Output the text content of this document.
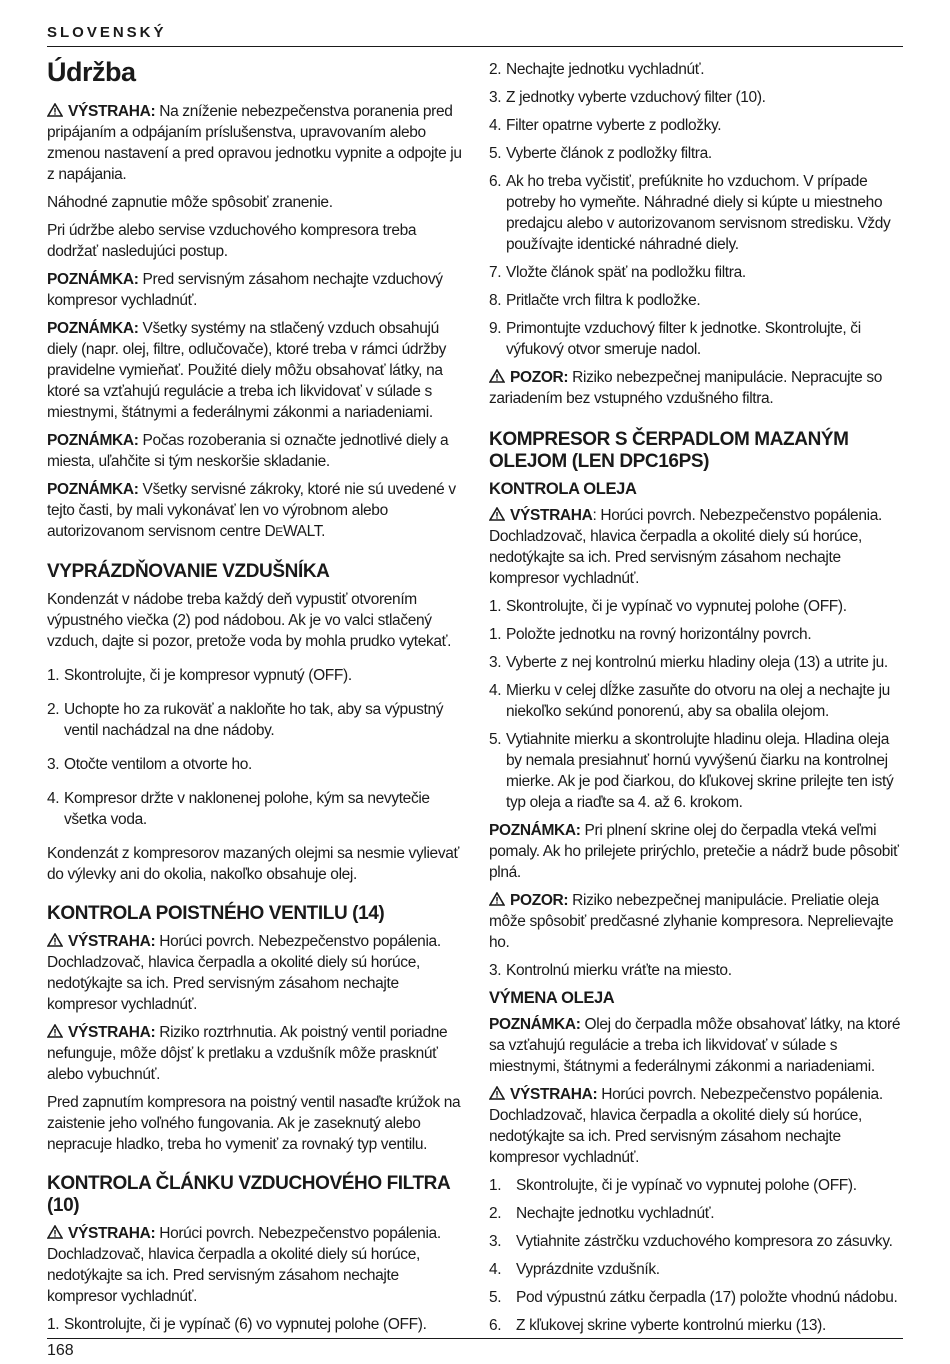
SLOVENSKÝ
Údržba

VÝSTRAHA: Na zníženie nebezpečenstva poranenia pred pripájaním a odpájaním príslušenstva, upravovaním alebo zmenou nastavení a pred opravou jednotku vypnite a odpojte ju z napájania.

Náhodné zapnutie môže spôsobiť zranenie.

Pri údržbe alebo servise vzduchového kompresora treba dodržať nasledujúci postup.

POZNÁMKA: Pred servisným zásahom nechajte vzduchový kompresor vychladnúť.

POZNÁMKA: Všetky systémy na stlačený vzduch obsahujú diely (napr. olej, filtre, odlučovače), ktoré treba v rámci údržby pravidelne vymieňať. Použité diely môžu obsahovať látky, na ktoré sa vzťahujú regulácie a treba ich likvidovať v súlade s miestnymi, štátnymi a federálnymi zákonmi a nariadeniami.

POZNÁMKA: Počas rozoberania si označte jednotlivé diely a miesta, uľahčite si tým neskoršie skladanie.

POZNÁMKA: Všetky servisné zákroky, ktoré nie sú uvedené v tejto časti, by mali vykonávať len vo výrobnom alebo autorizovanom servisnom centre DEWALT.

VYPRÁZDŇOVANIE VZDUŠNÍKA

Kondenzát v nádobe treba každý deň vypustiť otvorením výpustného viečka (2) pod nádobou. Ak je vo valci stlačený vzduch, dajte si pozor, pretože voda by mohla prudko vytekať.

1. Skontrolujte, či je kompresor vypnutý (OFF).
2. Uchopte ho za rukoväť a nakloňte ho tak, aby sa výpustný ventil nachádzal na dne nádoby.
3. Otočte ventilom a otvorte ho.
4. Kompresor držte v naklonenej polohe, kým sa nevytečie všetka voda.

Kondenzát z kompresorov mazaných olejmi sa nesmie vylievať do výlevky ani do okolia, nakoľko obsahuje olej.

KONTROLA POISTNÉHO VENTILU (14)

VÝSTRAHA: Horúci povrch. Nebezpečenstvo popálenia. Dochladzovač, hlavica čerpadla a okolité diely sú horúce, nedotýkajte sa ich. Pred servisným zásahom nechajte kompresor vychladnúť.

VÝSTRAHA: Riziko roztrhnutia. Ak poistný ventil poriadne nefunguje, môže dôjsť k pretlaku a vzdušník môže prasknúť alebo vybuchnúť.

Pred zapnutím kompresora na poistný ventil nasaďte krúžok na zaistenie jeho voľného fungovania. Ak je zaseknutý alebo nepracuje hladko, treba ho vymeniť za rovnaký typ ventilu.

KONTROLA ČLÁNKU VZDUCHOVÉHO FILTRA (10)

VÝSTRAHA: Horúci povrch. Nebezpečenstvo popálenia. Dochladzovač, hlavica čerpadla a okolité diely sú horúce, nedotýkajte sa ich. Pred servisným zásahom nechajte kompresor vychladnúť.

1. Skontrolujte, či je vypínač (6) vo vypnutej polohe (OFF).
2. Nechajte jednotku vychladnúť.
3. Z jednotky vyberte vzduchový filter (10).
4. Filter opatrne vyberte z podložky.
5. Vyberte článok z podložky filtra.
6. Ak ho treba vyčistiť, prefúknite ho vzduchom. V prípade potreby ho vymeňte. Náhradné diely si kúpte u miestneho predajcu alebo v autorizovanom servisnom stredisku. Vždy používajte identické náhradné diely.
7. Vložte článok späť na podložku filtra.
8. Pritlačte vrch filtra k podložke.
9. Primontujte vzduchový filter k jednotke. Skontrolujte, či výfukový otvor smeruje nadol.

POZOR: Riziko nebezpečnej manipulácie. Nepracujte so zariadením bez vstupného vzdušného filtra.

KOMPRESOR S ČERPADLOM MAZANÝM OLEJOM (LEN DPC16PS)
KONTROLA OLEJA

VÝSTRAHA: Horúci povrch. Nebezpečenstvo popálenia. Dochladzovač, hlavica čerpadla a okolité diely sú horúce, nedotýkajte sa ich. Pred servisným zásahom nechajte kompresor vychladnúť.

1. Skontrolujte, či je vypínač vo vypnutej polohe (OFF).
1. Položte jednotku na rovný horizontálny povrch.
3. Vyberte z nej kontrolnú mierku hladiny oleja (13) a utrite ju.
4. Mierku v celej dĺžke zasuňte do otvoru na olej a nechajte ju niekoľko sekúnd ponorenú, aby sa obalila olejom.
5. Vytiahnite mierku a skontrolujte hladinu oleja. Hladina oleja by nemala presiahnuť hornú vyvýšenú čiarku na kontrolnej mierke. Ak je pod čiarkou, do kľukovej skrine prilejte ten istý typ oleja a riaďte sa 4. až 6. krokom.

POZNÁMKA: Pri plnení skrine olej do čerpadla vteká veľmi pomaly. Ak ho prilejete prirýchlo, pretečie a nádrž bude pôsobiť plná.

POZOR: Riziko nebezpečnej manipulácie. Preliatie oleja môže spôsobiť predčasné zlyhanie kompresora. Neprelievajte ho.

3. Kontrolnú mierku vráťte na miesto.
VÝMENA OLEJA

POZNÁMKA: Olej do čerpadla môže obsahovať látky, na ktoré sa vzťahujú regulácie a treba ich likvidovať v súlade s miestnymi, štátnymi a federálnymi zákonmi a nariadeniami.

VÝSTRAHA: Horúci povrch. Nebezpečenstvo popálenia. Dochladzovač, hlavica čerpadla a okolité diely sú horúce, nedotýkajte sa ich. Pred servisným zásahom nechajte kompresor vychladnúť.

1. Skontrolujte, či je vypínač vo vypnutej polohe (OFF).
2. Nechajte jednotku vychladnúť.
3. Vytiahnite zástrčku vzduchového kompresora zo zásuvky.
4. Vyprázdnite vzdušník.
5. Pod výpustnú zátku čerpadla (17) položte vhodnú nádobu.
6. Z kľukovej skrine vyberte kontrolnú mierku (13).
168
